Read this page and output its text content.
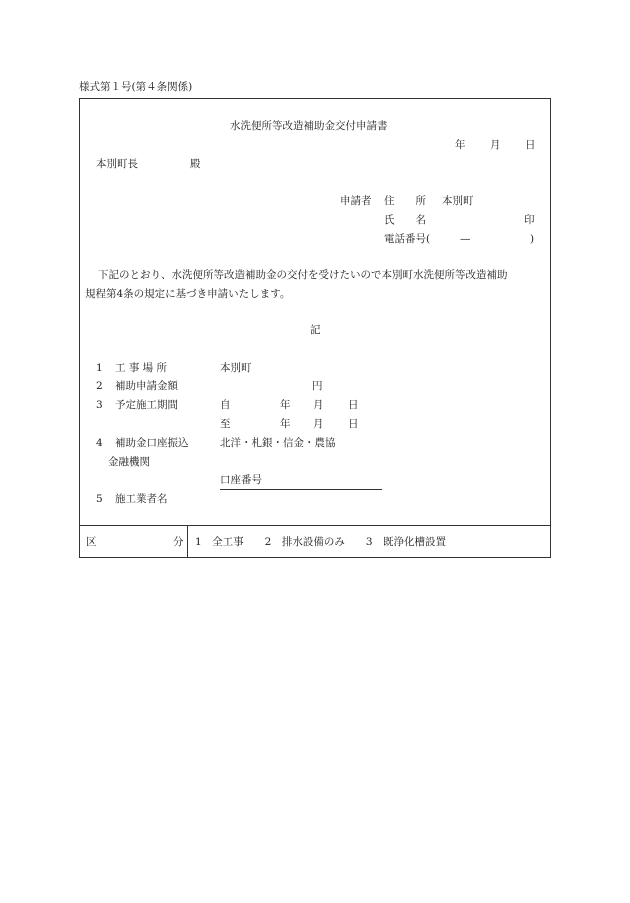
様式第１号(第４条関係)
水洗便所等改造補助金交付申請書
年 月 日
本別町長	殿
申請者 住　　所 本別町
氏　　名	印
電話番号(	—	)
下記のとおり、水洗便所等改造補助金の交付を受けたいので本別町水洗便所等改造補助
規程第4条の規定に基づき申請いたします。
記
1 工 事 場 所	本別町
2 補助申請金額	円
3 予定施工期間	自	年 月 日
至	年 月 日
4 補助金口座振込	北洋・札銀・信金・農協
金融機関
口座番号
5 施工業者名
区	分 1　全工事　　2　排水設備のみ　　3　既浄化槽設置
